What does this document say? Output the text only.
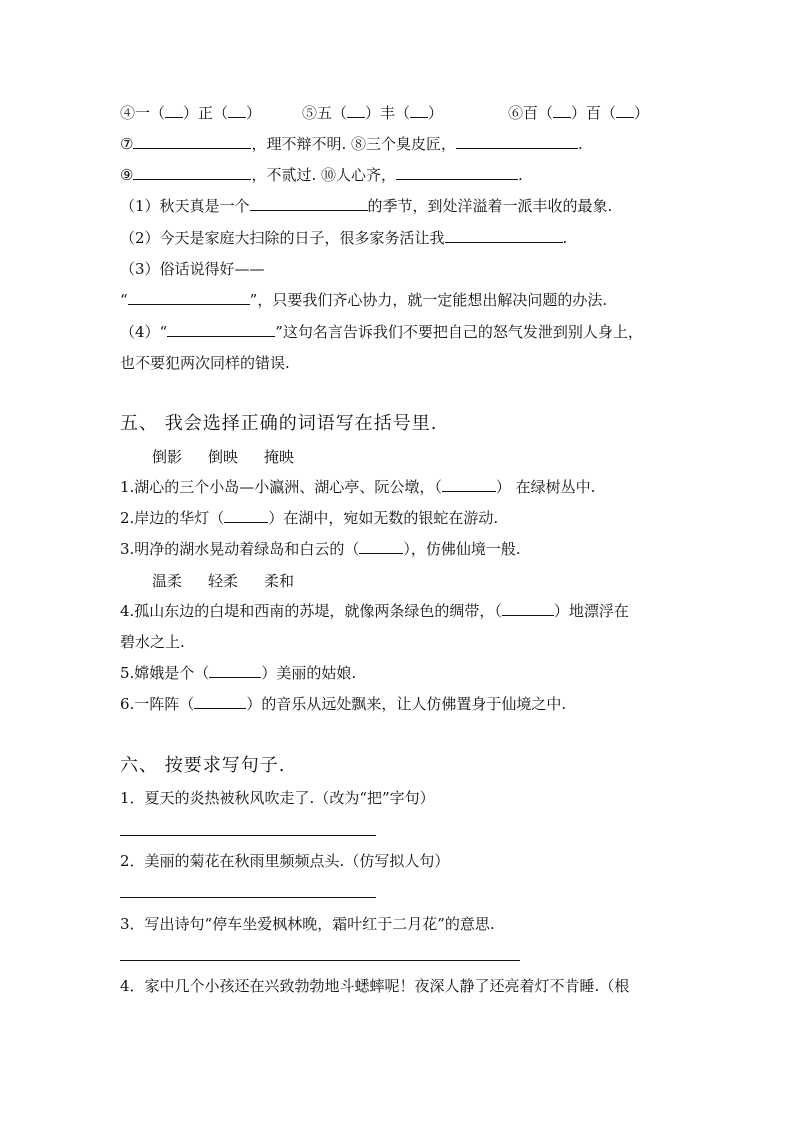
④一（ ）正（ ）	⑤五（ ）丰（ ）	⑥百（ ）百（ ）
⑦	，理不辩不明. ⑧三个臭皮匠，	.
⑨	，不贰过. ⑩人心齐，	.
（1）秋天真是一个	的季节，到处洋溢着一派丰收的最象.
（2）今天是家庭大扫除的日子，很多家务活让我	.
（3）俗话说得好——
“	”，只要我们齐心协力，就一定能想出解决问题的办法.
（4）“	”这句名言告诉我们不要把自己的怒气发泄到别人身上，
也不要犯两次同样的错误.
五、 我会选择正确的词语写在括号里.
倒影 倒映 掩映
1.湖心的三个小岛—小瀛洲、湖心亭、阮公墩，（	） 在绿树丛中.
2.岸边的华灯（	）在湖中，宛如无数的银蛇在游动.
3.明净的湖水晃动着绿岛和白云的（	），仿佛仙境一般.
温柔 轻柔 柔和
4.孤山东边的白堤和西南的苏堤，就像两条绿色的绸带，（	）地漂浮在
碧水之上.
5.嫦娥是个（	）美丽的姑娘.
6.一阵阵（	）的音乐从远处飘来，让人仿佛置身于仙境之中.
六、 按要求写句子.
1．夏天的炎热被秋风吹走了.（改为“把”字句）
2．美丽的菊花在秋雨里频频点头.（仿写拟人句）
3．写出诗句“停车坐爱枫林晚，霜叶红于二月花”的意思.
4．家中几个小孩还在兴致勃勃地斗蟋蟀呢！夜深人静了还亮着灯不肯睡.（根
